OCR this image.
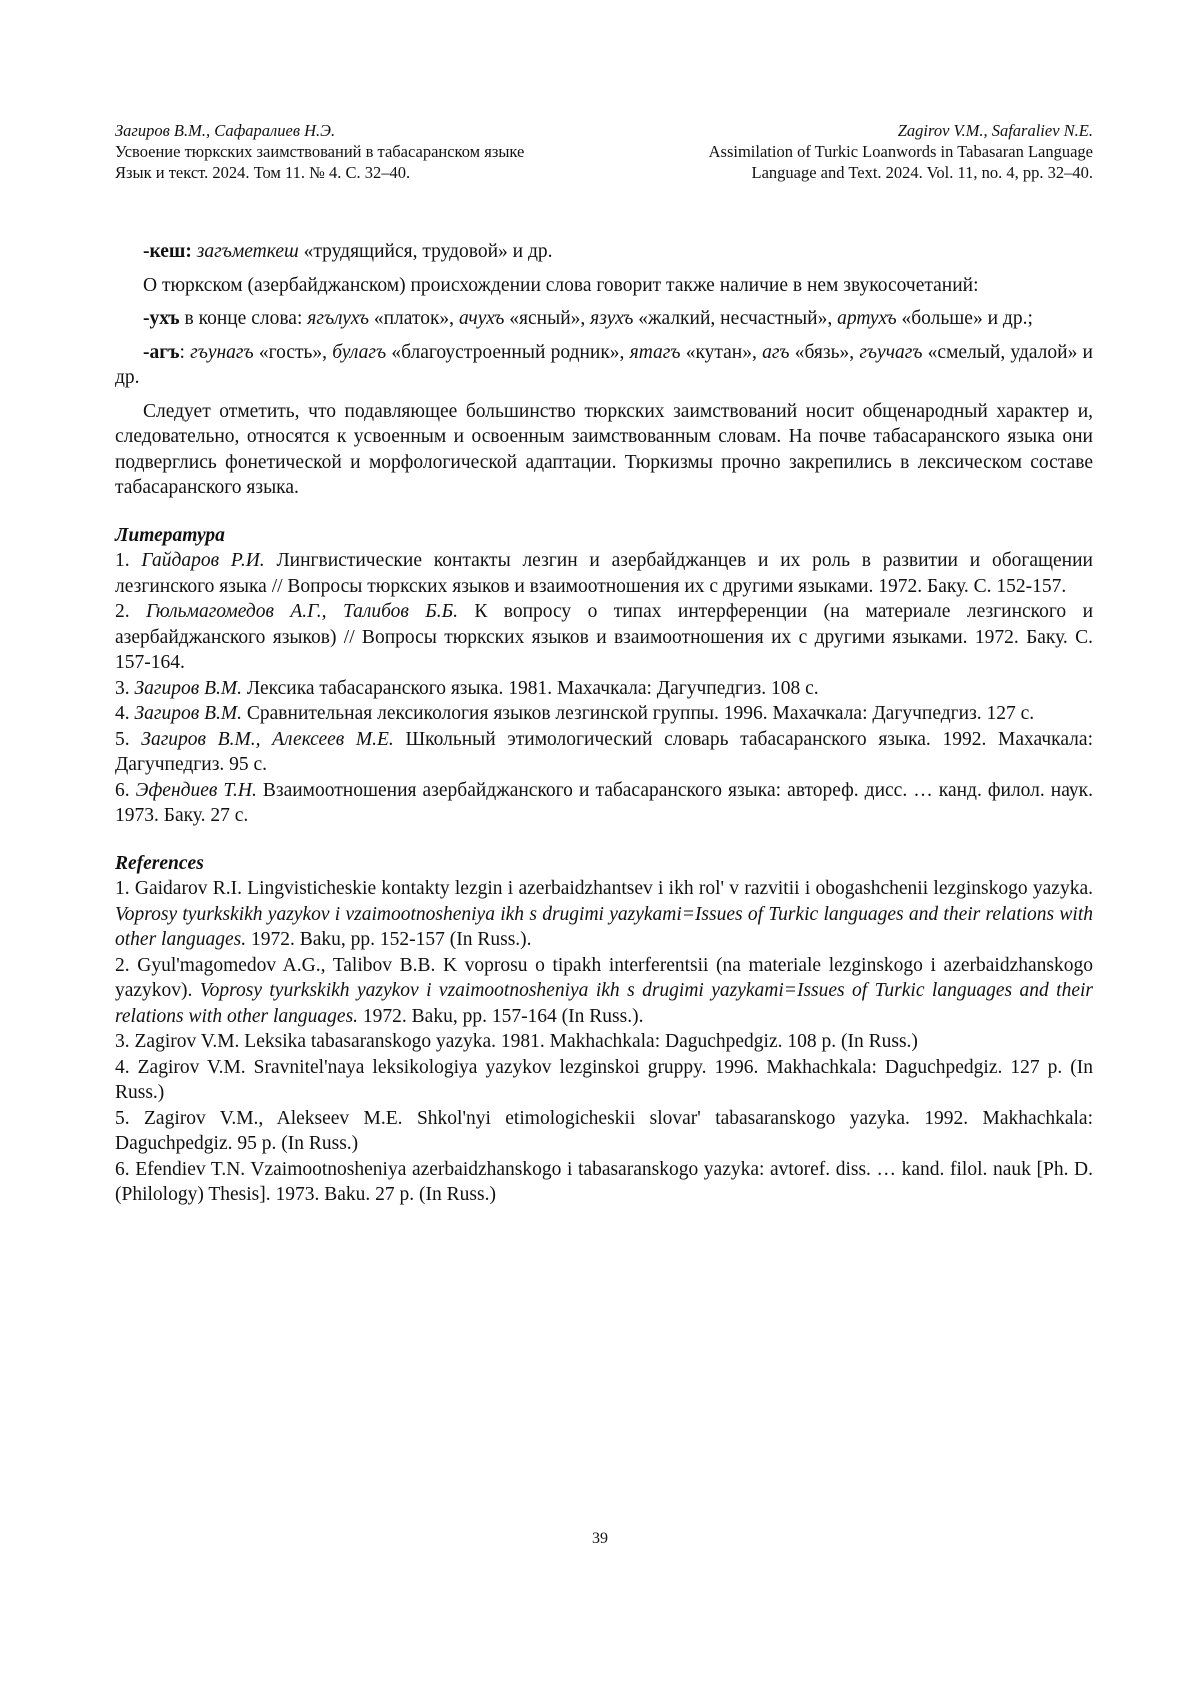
Загиров В.М., Сафаралиев Н.Э.
Усвоение тюркских заимствований в табасаранском языке
Язык и текст. 2024. Том 11. № 4. С. 32–40.
Zagirov V.M., Safaraliev N.E.
Assimilation of Turkic Loanwords in Tabasaran Language
Language and Text. 2024. Vol. 11, no. 4, pp. 32–40.

-кеш: загъметкеш «трудящийся, трудовой» и др.

О тюркском (азербайджанском) происхождении слова говорит также наличие в нем звукосочетаний:

-ухъ в конце слова: ягълухъ «платок», ачухъ «ясный», язухъ «жалкий, несчастный», артухъ «больше» и др.;

-агъ: гъунагъ «гость», булагъ «благоустроенный родник», ятагъ «кутан», агъ «бязь», гъучагъ «смелый, удалой» и др.

Следует отметить, что подавляющее большинство тюркских заимствований носит общенародный характер и, следовательно, относятся к усвоенным и освоенным заимствованным словам. На почве табасаранского языка они подверглись фонетической и морфологической адаптации. Тюркизмы прочно закрепились в лексическом составе табасаранского языка.

Литература

1. Гайдаров Р.И. Лингвистические контакты лезгин и азербайджанцев и их роль в развитии и обогащении лезгинского языка // Вопросы тюркских языков и взаимоотношения их с другими языками. 1972. Баку. С. 152-157.

2. Гюльмагомедов А.Г., Талибов Б.Б. К вопросу о типах интерференции (на материале лезгинского и азербайджанского языков) // Вопросы тюркских языков и взаимоотношения их с другими языками. 1972. Баку. С. 157-164.

3. Загиров В.М. Лексика табасаранского языка. 1981. Махачкала: Дагучпедгиз. 108 с.

4. Загиров В.М. Сравнительная лексикология языков лезгинской группы. 1996. Махачкала: Дагучпедгиз. 127 с.

5. Загиров В.М., Алексеев М.Е. Школьный этимологический словарь табасаранского языка. 1992. Махачкала: Дагучпедгиз. 95 с.

6. Эфендиев Т.Н. Взаимоотношения азербайджанского и табасаранского языка: автореф. дисс. … канд. филол. наук. 1973. Баку. 27 с.

References

1. Gaidarov R.I. Lingvisticheskie kontakty lezgin i azerbaidzhantsev i ikh rol' v razvitii i obogashchenii lezginskogo yazyka. Voprosy tyurkskikh yazykov i vzaimootnosheniya ikh s drugimi yazykami=Issues of Turkic languages and their relations with other languages. 1972. Baku, pp. 152-157 (In Russ.).

2. Gyul'magomedov A.G., Talibov B.B. K voprosu o tipakh interferentsii (na materiale lezginskogo i azerbaidzhanskogo yazykov). Voprosy tyurkskikh yazykov i vzaimootnosheniya ikh s drugimi yazykami=Issues of Turkic languages and their relations with other languages. 1972. Baku, pp. 157-164 (In Russ.).

3. Zagirov V.M. Leksika tabasaranskogo yazyka. 1981. Makhachkala: Daguchpedgiz. 108 p. (In Russ.)

4. Zagirov V.M. Sravnitel'naya leksikologiya yazykov lezginskoi gruppy. 1996. Makhachkala: Daguchpedgiz. 127 p. (In Russ.)

5. Zagirov V.M., Alekseev M.E. Shkol'nyi etimologicheskii slovar' tabasaranskogo yazyka. 1992. Makhachkala: Daguchpedgiz. 95 p. (In Russ.)

6. Efendiev T.N. Vzaimootnosheniya azerbaidzhanskogo i tabasaranskogo yazyka: avtoref. diss. … kand. filol. nauk [Ph. D. (Philology) Thesis]. 1973. Baku. 27 p. (In Russ.)

39
